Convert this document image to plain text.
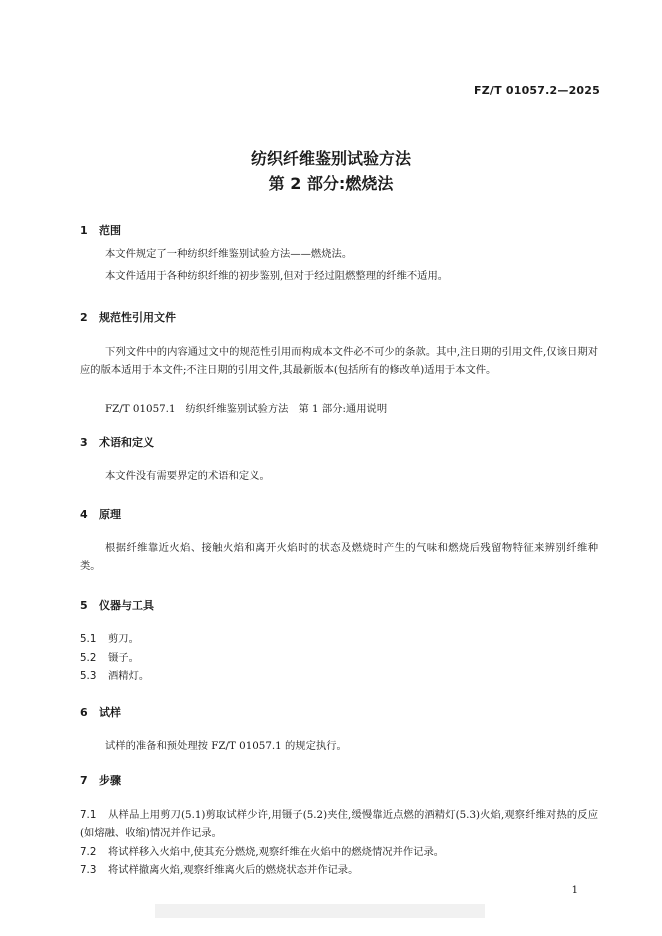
FZ/T 01057.2—2025
纺织纤维鉴别试验方法
第 2 部分:燃烧法
1 范围
本文件规定了一种纺织纤维鉴别试验方法——燃烧法。
本文件适用于各种纺织纤维的初步鉴别,但对于经过阻燃整理的纤维不适用。
2 规范性引用文件
下列文件中的内容通过文中的规范性引用而构成本文件必不可少的条款。其中,注日期的引用文件,仅该日期对应的版本适用于本文件;不注日期的引用文件,其最新版本(包括所有的修改单)适用于本文件。
FZ/T 01057.1 纺织纤维鉴别试验方法 第 1 部分:通用说明
3 术语和定义
本文件没有需要界定的术语和定义。
4 原理
根据纤维靠近火焰、接触火焰和离开火焰时的状态及燃烧时产生的气味和燃烧后残留物特征来辨别纤维种类。
5 仪器与工具
5.1 剪刀。
5.2 镊子。
5.3 酒精灯。
6 试样
试样的准备和预处理按 FZ/T 01057.1 的规定执行。
7 步骤
7.1 从样品上用剪刀(5.1)剪取试样少许,用镊子(5.2)夹住,缓慢靠近点燃的酒精灯(5.3)火焰,观察纤维对热的反应(如熔融、收缩)情况并作记录。
7.2 将试样移入火焰中,使其充分燃烧,观察纤维在火焰中的燃烧情况并作记录。
7.3 将试样撤离火焰,观察纤维离火后的燃烧状态并作记录。
1
